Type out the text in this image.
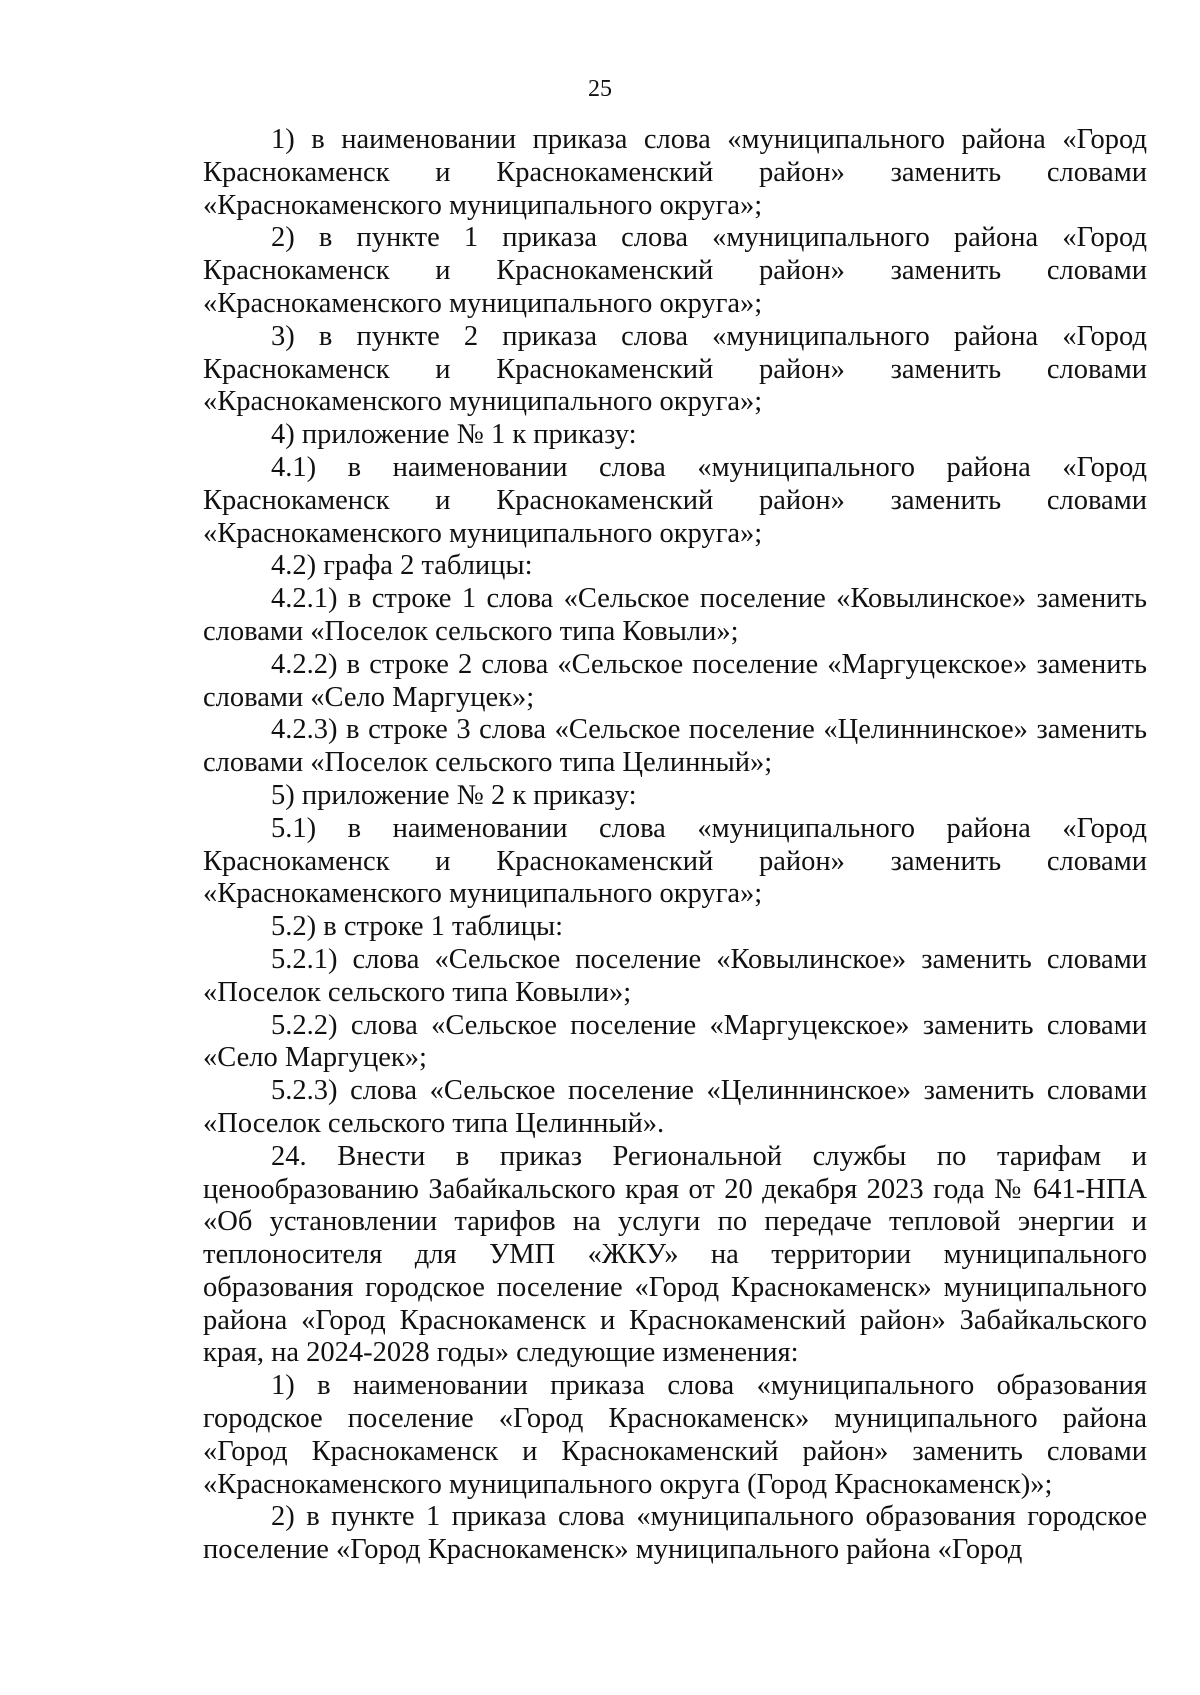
25

1) в наименовании приказа слова «муниципального района «Город Краснокаменск и Краснокаменский район» заменить словами «Краснокаменского муниципального округа»;

2) в пункте 1 приказа слова «муниципального района «Город Краснокаменск и Краснокаменский район» заменить словами «Краснокаменского муниципального округа»;

3) в пункте 2 приказа слова «муниципального района «Город Краснокаменск и Краснокаменский район» заменить словами «Краснокаменского муниципального округа»;

4) приложение № 1 к приказу:

4.1) в наименовании слова «муниципального района «Город Краснокаменск и Краснокаменский район» заменить словами «Краснокаменского муниципального округа»;

4.2) графа 2 таблицы:

4.2.1) в строке 1 слова «Сельское поселение «Ковылинское» заменить словами «Поселок сельского типа Ковыли»;

4.2.2) в строке 2 слова «Сельское поселение «Маргуцекское» заменить словами «Село Маргуцек»;

4.2.3) в строке 3 слова «Сельское поселение «Целиннинское» заменить словами «Поселок сельского типа Целинный»;

5) приложение № 2 к приказу:

5.1) в наименовании слова «муниципального района «Город Краснокаменск и Краснокаменский район» заменить словами «Краснокаменского муниципального округа»;

5.2) в строке 1 таблицы:

5.2.1) слова «Сельское поселение «Ковылинское» заменить словами «Поселок сельского типа Ковыли»;

5.2.2) слова «Сельское поселение «Маргуцекское» заменить словами «Село Маргуцек»;

5.2.3) слова «Сельское поселение «Целиннинское» заменить словами «Поселок сельского типа Целинный».

24. Внести в приказ Региональной службы по тарифам и ценообразованию Забайкальского края от 20 декабря 2023 года № 641-НПА «Об установлении тарифов на услуги по передаче тепловой энергии и теплоносителя для УМП «ЖКУ» на территории муниципального образования городское поселение «Город Краснокаменск» муниципального района «Город Краснокаменск и Краснокаменский район» Забайкальского края, на 2024-2028 годы» следующие изменения:

1) в наименовании приказа слова «муниципального образования городское поселение «Город Краснокаменск» муниципального района «Город Краснокаменск и Краснокаменский район» заменить словами «Краснокаменского муниципального округа (Город Краснокаменск)»;

2) в пункте 1 приказа слова «муниципального образования городское поселение «Город Краснокаменск» муниципального района «Город
